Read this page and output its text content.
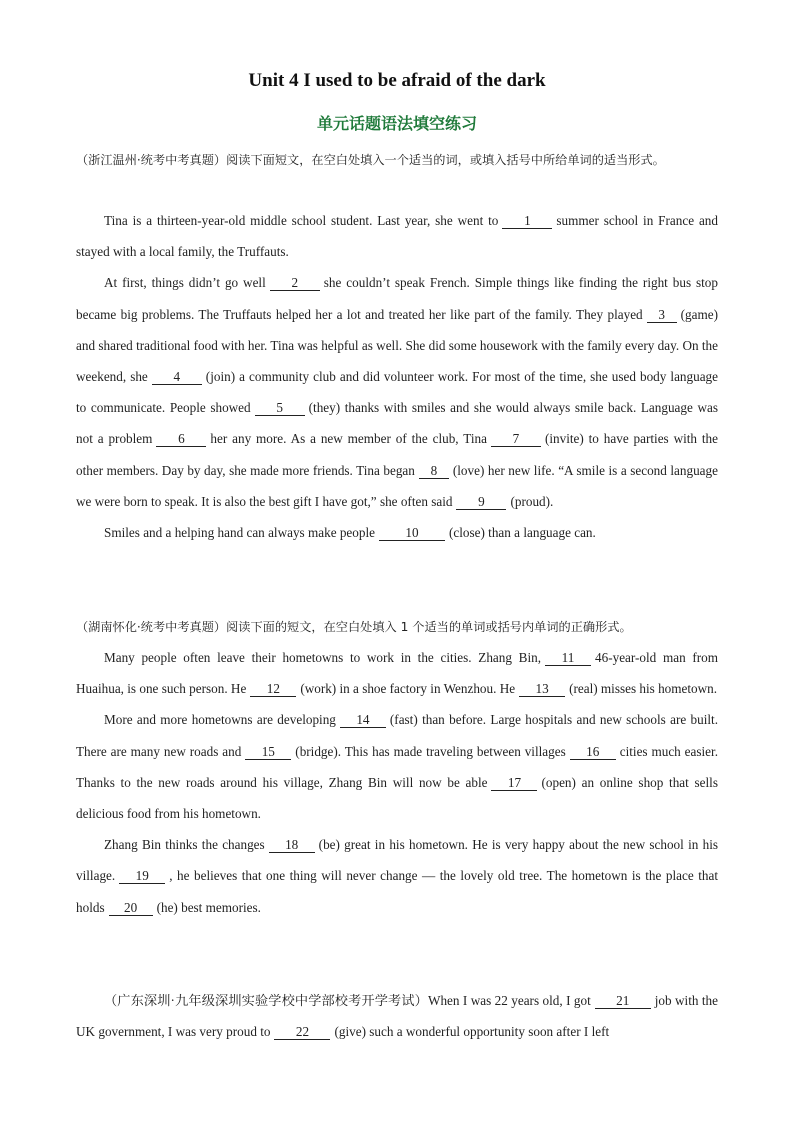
Unit 4 I used to be afraid of the dark
单元话题语法填空练习
（浙江温州·统考中考真题）阅读下面短文，在空白处填入一个适当的词，或填入括号中所给单词的适当形式。

Tina is a thirteen-year-old middle school student. Last year, she went to 1 summer school in France and stayed with a local family, the Truffauts.

At first, things didn’t go well 2 she couldn’t speak French. Simple things like finding the right bus stop became big problems. The Truffauts helped her a lot and treated her like part of the family. They played 3 (game) and shared traditional food with her. Tina was helpful as well. She did some housework with the family every day. On the weekend, she 4 (join) a community club and did volunteer work. For most of the time, she used body language to communicate. People showed 5 (they) thanks with smiles and she would always smile back. Language was not a problem 6 her any more. As a new member of the club, Tina 7 (invite) to have parties with the other members. Day by day, she made more friends. Tina began 8 (love) her new life. “A smile is a second language we were born to speak. It is also the best gift I have got,” she often said 9 (proud).

Smiles and a helping hand can always make people 10 (close) than a language can.

（湖南怀化·统考中考真题）阅读下面的短文，在空白处填入 1 个适当的单词或括号内单词的正确形式。

Many people often leave their hometowns to work in the cities. Zhang Bin, 11 46-year-old man from Huaihua, is one such person. He 12 (work) in a shoe factory in Wenzhou. He 13 (real) misses his hometown.

More and more hometowns are developing 14 (fast) than before. Large hospitals and new schools are built. There are many new roads and 15 (bridge). This has made traveling between villages 16 cities much easier. Thanks to the new roads around his village, Zhang Bin will now be able 17 (open) an online shop that sells delicious food from his hometown.

Zhang Bin thinks the changes 18 (be) great in his hometown. He is very happy about the new school in his village. 19 , he believes that one thing will never change — the lovely old tree. The hometown is the place that holds 20 (he) best memories.

（广东深圳·九年级深圳实验学校中学部校考开学考试）When I was 22 years old, I got 21 job with the UK government, I was very proud to 22 (give) such a wonderful opportunity soon after I left
